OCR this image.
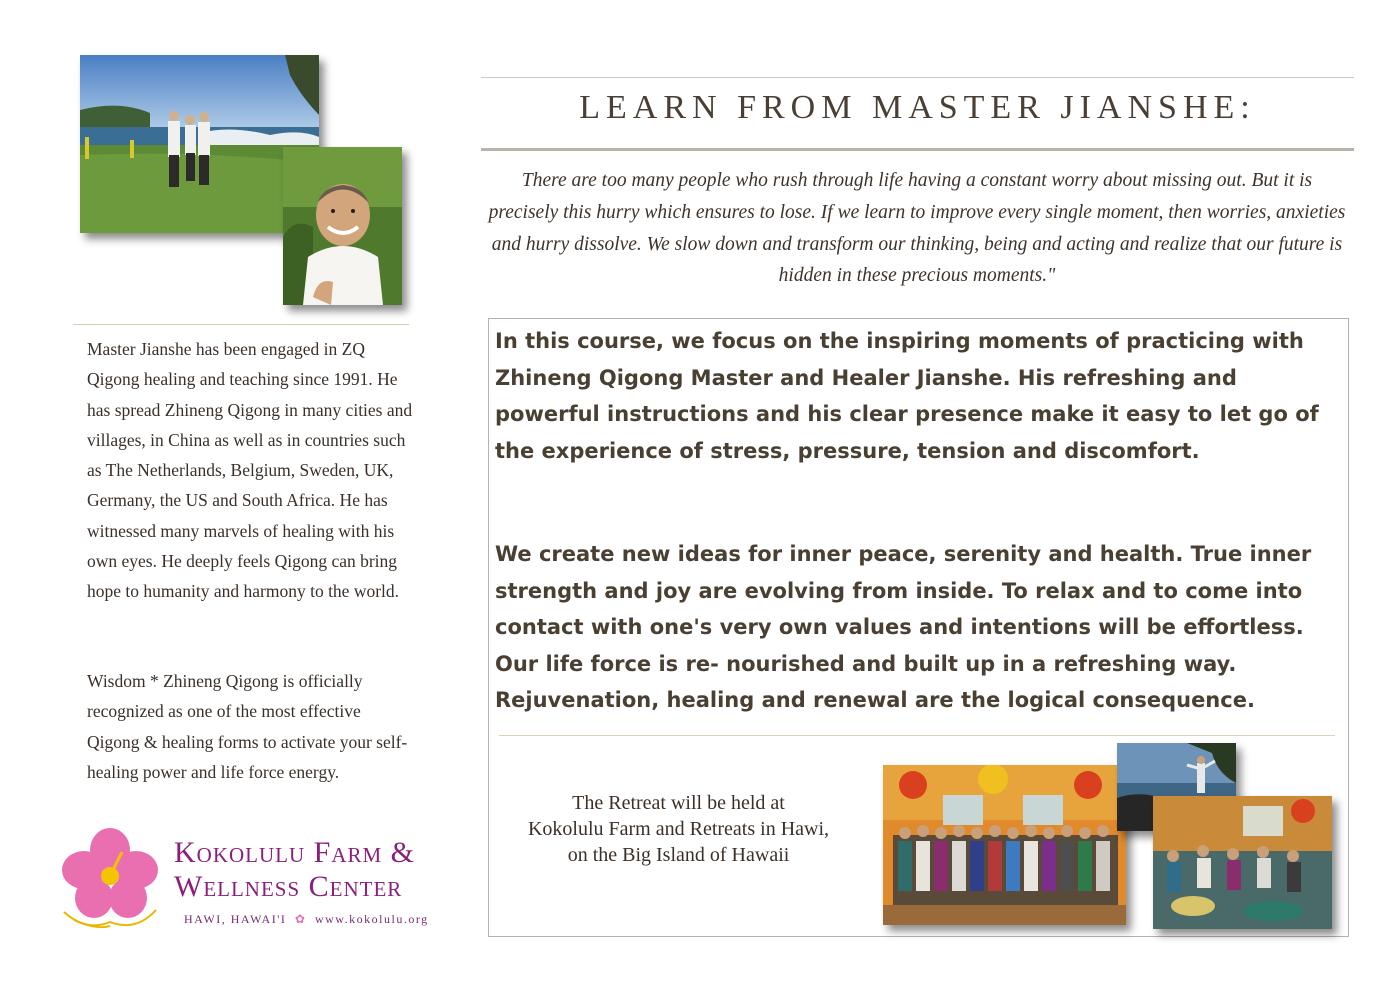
Master Jianshe has been engaged in ZQ Qigong healing and teaching since 1991. He has spread Zhineng Qigong in many cities and villages, in China as well as in countries such as The Netherlands, Belgium, Sweden, UK, Germany, the US and South Africa. He has witnessed many marvels of healing with his own eyes. He deeply feels Qigong can bring hope to humanity and harmony to the world.

Wisdom * Zhineng Qigong is officially recognized as one of the most effective Qigong & healing forms to activate your self-healing power and life force energy.

Kokolulu Farm &
Wellness Center
HAWI, HAWAI'I ✿ www.kokolulu.org
LEARN FROM MASTER JIANSHE:

There are too many people who rush through life having a constant worry about missing out. But it is precisely this hurry which ensures to lose. If we learn to improve every single moment, then worries, anxieties and hurry dissolve. We slow down and transform our thinking, being and acting and realize that our future is hidden in these precious moments."

In this course, we focus on the inspiring moments of practicing with Zhineng Qigong Master and Healer Jianshe. His refreshing and powerful instructions and his clear presence make it easy to let go of the experience of stress, pressure, tension and discomfort.

We create new ideas for inner peace, serenity and health. True inner strength and joy are evolving from inside. To relax and to come into contact with one's very own values and intentions will be effortless. Our life force is re- nourished and built up in a refreshing way. Rejuvenation, healing and renewal are the logical consequence.

The Retreat will be held at
Kokolulu Farm and Retreats in Hawi,
on the Big Island of Hawaii
